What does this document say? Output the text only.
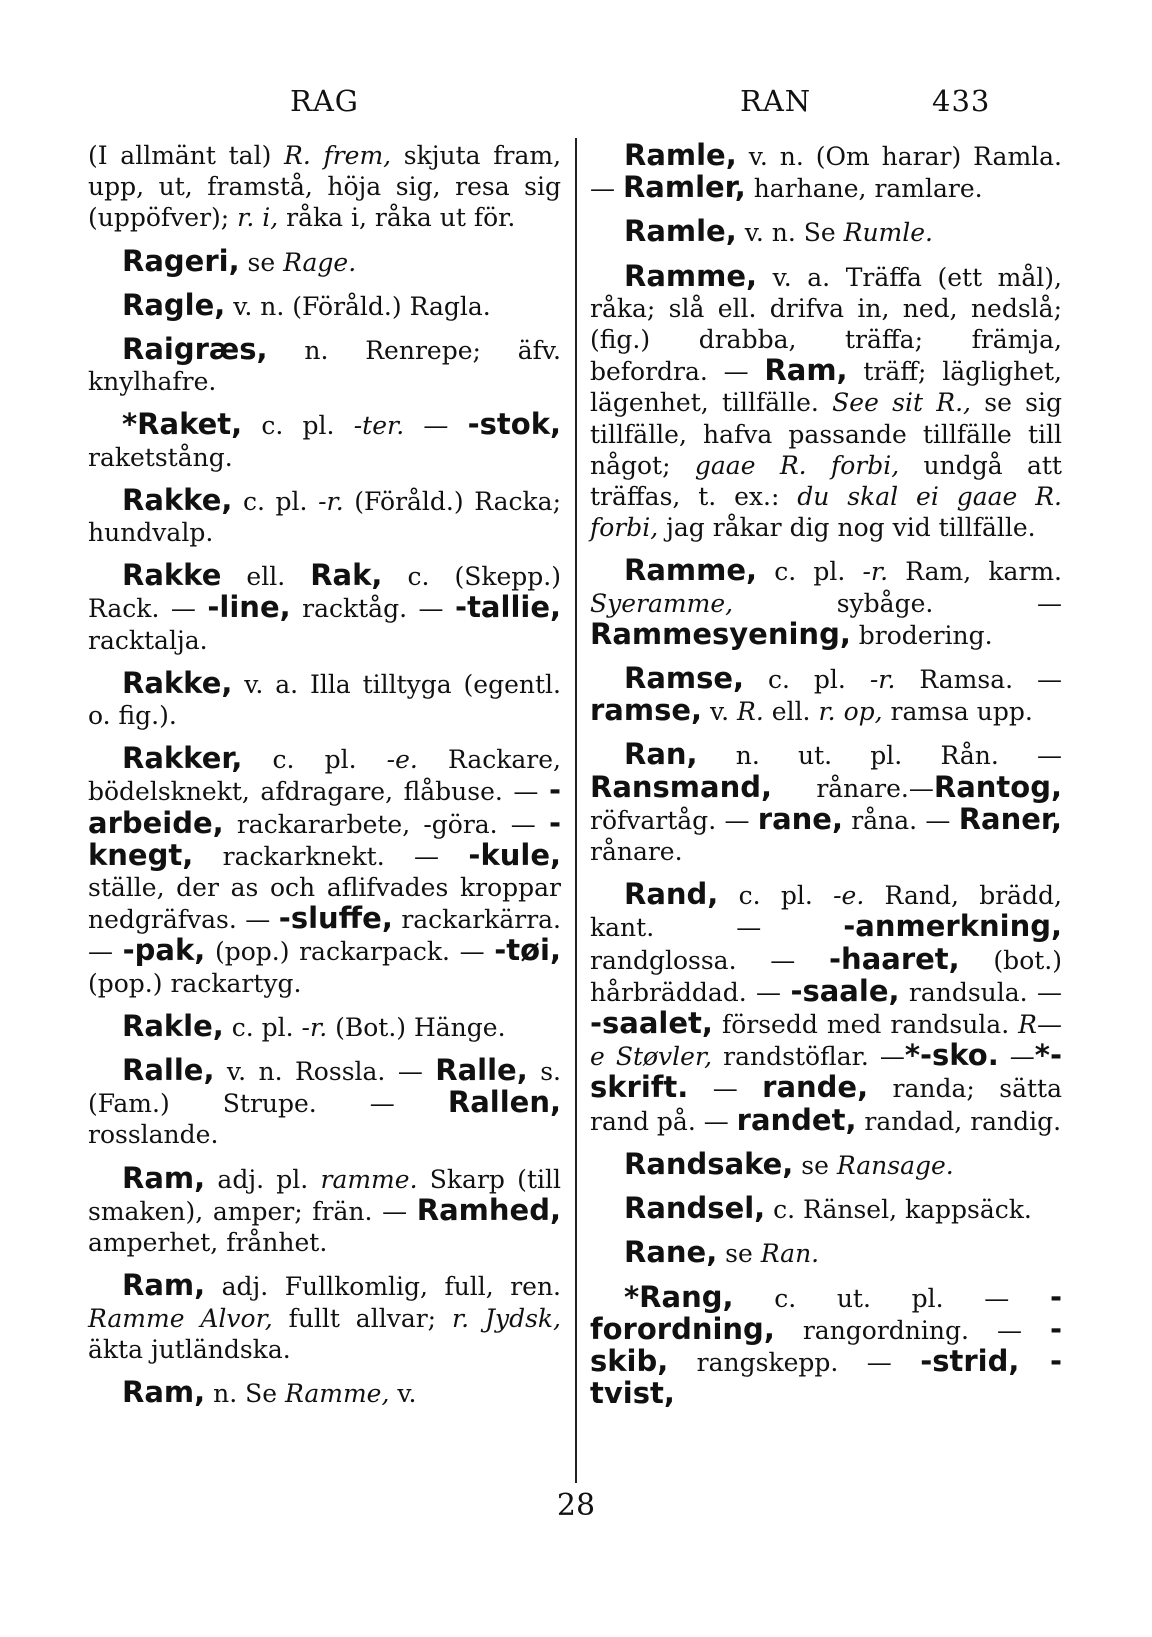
RAG	RAN	433

(I allmänt tal) R. frem, skjuta fram, upp, ut, framstå, höja sig, resa sig (uppöfver); r. i, råka i, råka ut för.

Rageri, se Rage.

Ragle, v. n. (Föråld.) Ragla.

Raigræs, n. Renrepe; äfv. knylhafre.

*Raket, c. pl. -ter. — -stok, raketstång.

Rakke, c. pl. -r. (Föråld.) Racka; hundvalp.

Rakke ell. Rak, c. (Skepp.) Rack. — -line, racktåg. — -tallie, racktalja.

Rakke, v. a. Illa tilltyga (egentl. o. fig.).

Rakker, c. pl. -e. Rackare, bödelsknekt, afdragare, flåbuse. — -arbeide, rackararbete, -göra. — -knegt, rackarknekt. — -kule, ställe, der as och aflifvades kroppar nedgräfvas. — -sluffe, rackarkärra. — -pak, (pop.) rackarpack. — -tøi, (pop.) rackartyg.

Rakle, c. pl. -r. (Bot.) Hänge.

Ralle, v. n. Rossla. — Ralle, s. (Fam.) Strupe. — Rallen, rosslande.

Ram, adj. pl. ramme. Skarp (till smaken), amper; frän. — Ramhed, amperhet, frånhet.

Ram, adj. Fullkomlig, full, ren. Ramme Alvor, fullt allvar; r. Jydsk, äkta jutländska.

Ram, n. Se Ramme, v.

Ramle, v. n. (Om harar) Ramla. — Ramler, harhane, ramlare.

Ramle, v. n. Se Rumle.

Ramme, v. a. Träffa (ett mål), råka; slå ell. drifva in, ned, nedslå; (fig.) drabba, träffa; främja, befordra. — Ram, träff; läglighet, lägenhet, tillfälle. See sit R., se sig tillfälle, hafva passande tillfälle till något; gaae R. forbi, undgå att träffas, t. ex.: du skal ei gaae R. forbi, jag råkar dig nog vid tillfälle.

Ramme, c. pl. -r. Ram, karm. Syeramme, sybåge. — Rammesyening, brodering.

Ramse, c. pl. -r. Ramsa. — ramse, v. R. ell. r. op, ramsa upp.

Ran, n. ut. pl. Rån. — Ransmand, rånare.—Rantog, röfvartåg. — rane, råna. — Raner, rånare.

Rand, c. pl. -e. Rand, brädd, kant. — -anmerkning, randglossa. — -haaret, (bot.) hårbräddad. — -saale, randsula. — -saalet, försedd med randsula. R—e Støvler, randstöflar. —*-sko. —*-skrift. — rande, randa; sätta rand på. — randet, randad, randig.

Randsake, se Ransage.

Randsel, c. Ränsel, kappsäck.

Rane, se Ran.

*Rang, c. ut. pl. — -forordning, rangordning. — -skib, rangskepp. — -strid, -tvist,

28
